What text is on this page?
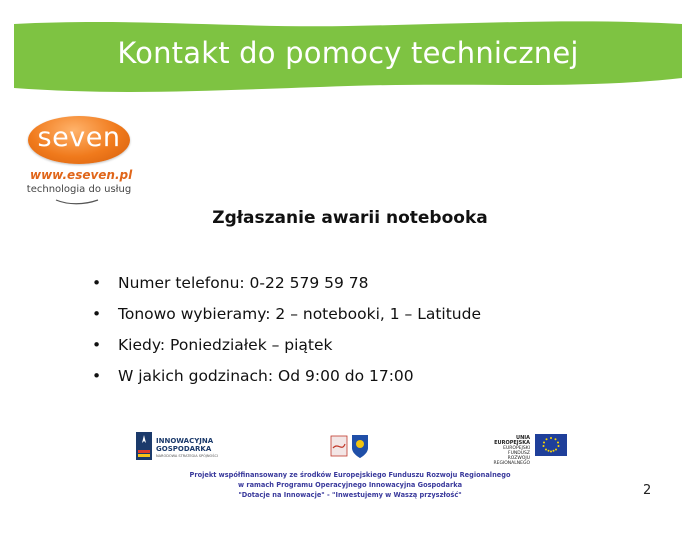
Kontakt do pomocy technicznej
seven
www.eseven.pl
technologia do usług
Zgłaszanie awarii notebooka
• Numer telefonu: 0-22 579 59 78
• Tonowo wybieramy: 2 – notebooki, 1 – Latitude
• Kiedy: Poniedziałek – piątek
• W jakich godzinach: Od 9:00 do 17:00
INNOWACYJNA
GOSPODARKA
NARODOWA STRATEGIA SPÓJNOŚCI
UNIA EUROPEJSKA
EUROPEJSKI FUNDUSZ
ROZWOJU REGIONALNEGO
Projekt współfinansowany ze środków Europejskiego Funduszu Rozwoju Regionalnego
w ramach Programu Operacyjnego Innowacyjna Gospodarka
"Dotacje na Innowacje" - "Inwestujemy w Waszą przyszłość"	2
